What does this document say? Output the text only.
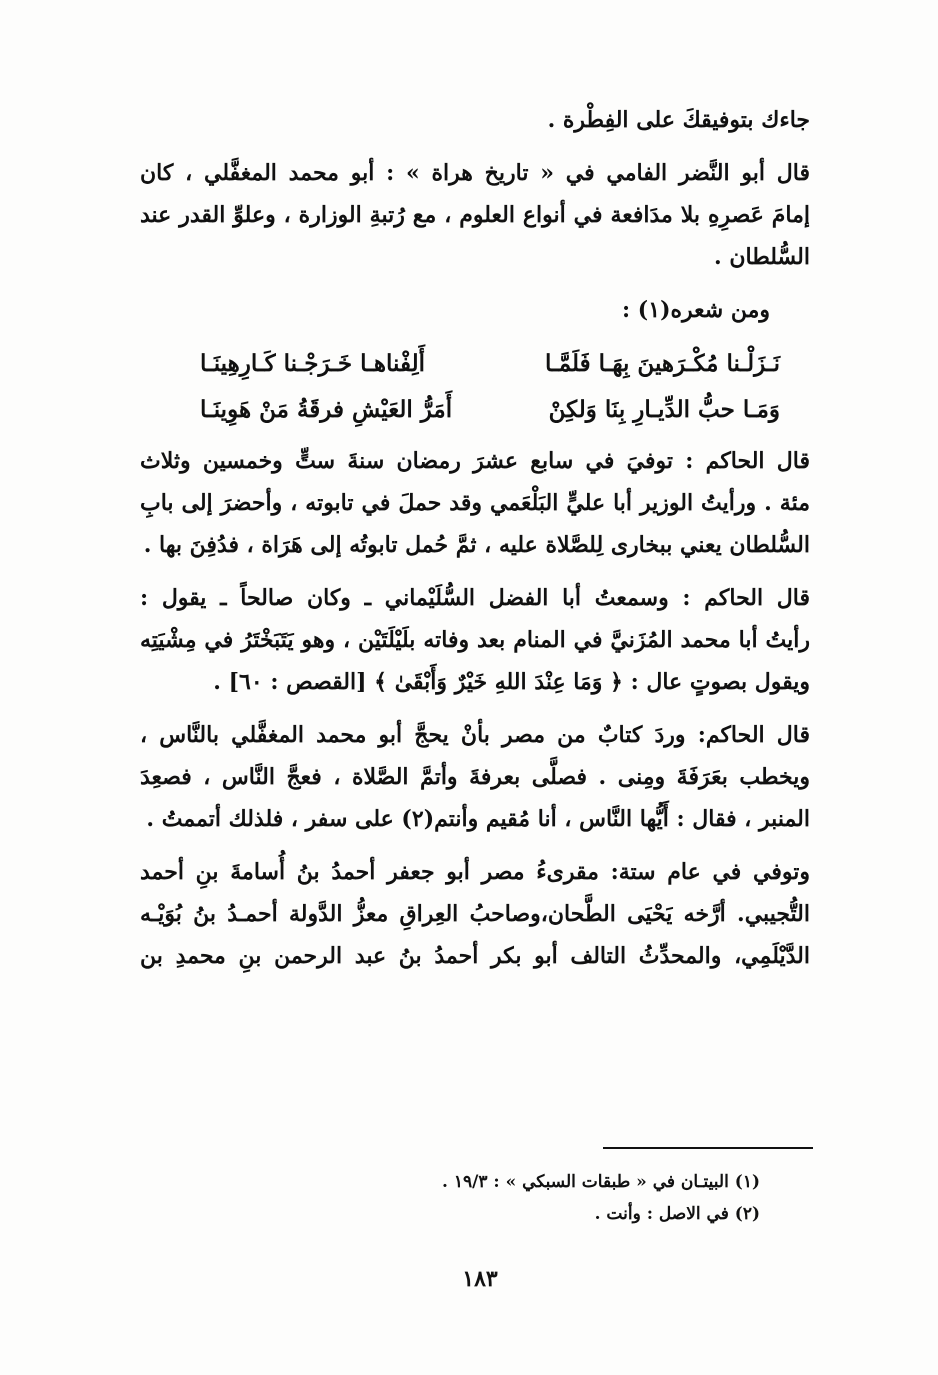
جاءك بتوفيقكَ على الفِطْرة .
قال أبو النَّضر الفامي في « تاريخ هراة » : أبو محمد المغفَّلي ، كان
إمامَ عَصرِهِ بلا مدَافعة في أنواع العلوم ، مع رُتبةِ الوزارة ، وعلوِّ القدر عند
السُّلطان .
ومن شعره(١) :
نَـزَلْـنا مُكْـرَهينَ بِهَـا فَلَمَّـا
أَلِفْناهـا خَـرَجْـنا كَـارِهِينَـا
وَمَـا حبُّ الدِّيـارِ بِنَا وَلكِنْ
أَمَرُّ العَيْشِ فرقَةُ مَنْ هَوِينَـا
قال الحاكم : توفيَ في سابع عشرَ رمضان سنةَ ستٍّ وخمسين وثلاث
مئة . ورأيتُ الوزير أبا عليٍّ البَلْعَمي وقد حملَ في تابوته ، وأحضرَ إلى بابِ
السُّلطان يعني ببخارى لِلصَّلاة عليه ، ثمَّ حُمل تابوتُه إلى هَرَاة ، فدُفِنَ بها .
قال الحاكم : وسمعتُ أبا الفضل السُّلَيْماني ـ وكان صالحاً ـ يقول :
رأيتُ أبا محمد المُزَنيَّ في المنام بعد وفاته بلَيْلَتَيْن ، وهو يَتَبَخْتَرُ في مِشْيَتِه
ويقول بصوتٍ عال : ﴿ وَمَا عِنْدَ اللهِ خَيْرٌ وَأَبْقَىٰ ﴾ [القصص : ٦٠] .
قال الحاكم: وردَ كتابٌ من مصر بأنْ يحجَّ أبو محمد المغفَّلي بالنَّاس ،
ويخطب بعَرَفَةَ ومِنى . فصلَّى بعرفةَ وأتمَّ الصَّلاة ، فعجَّ النَّاس ، فصعِدَ
المنبر ، فقال : أَيُّها النَّاس ، أنا مُقيم وأنتم(٢) على سفر ، فلذلك أتممتُ .
وتوفي في عام ستة: مقرىءُ مصر أبو جعفر أحمدُ بنُ أُسامةَ بنِ أحمد
التُّجيبي. أرَّخه يَحْيَى الطَّحان،وصاحبُ العِراقِ معزُّ الدَّولة أحمـدُ بنُ بُوَيْـه
الدَّيْلَمِي، والمحدِّثُ التالف أبو بكر أحمدُ بنُ عبد الرحمن بنِ محمدِ بن
(١) البيتـان في « طبقات السبكي » : ١٩/٣ .
(٢) في الاصل : وأنت .
١٨٣
